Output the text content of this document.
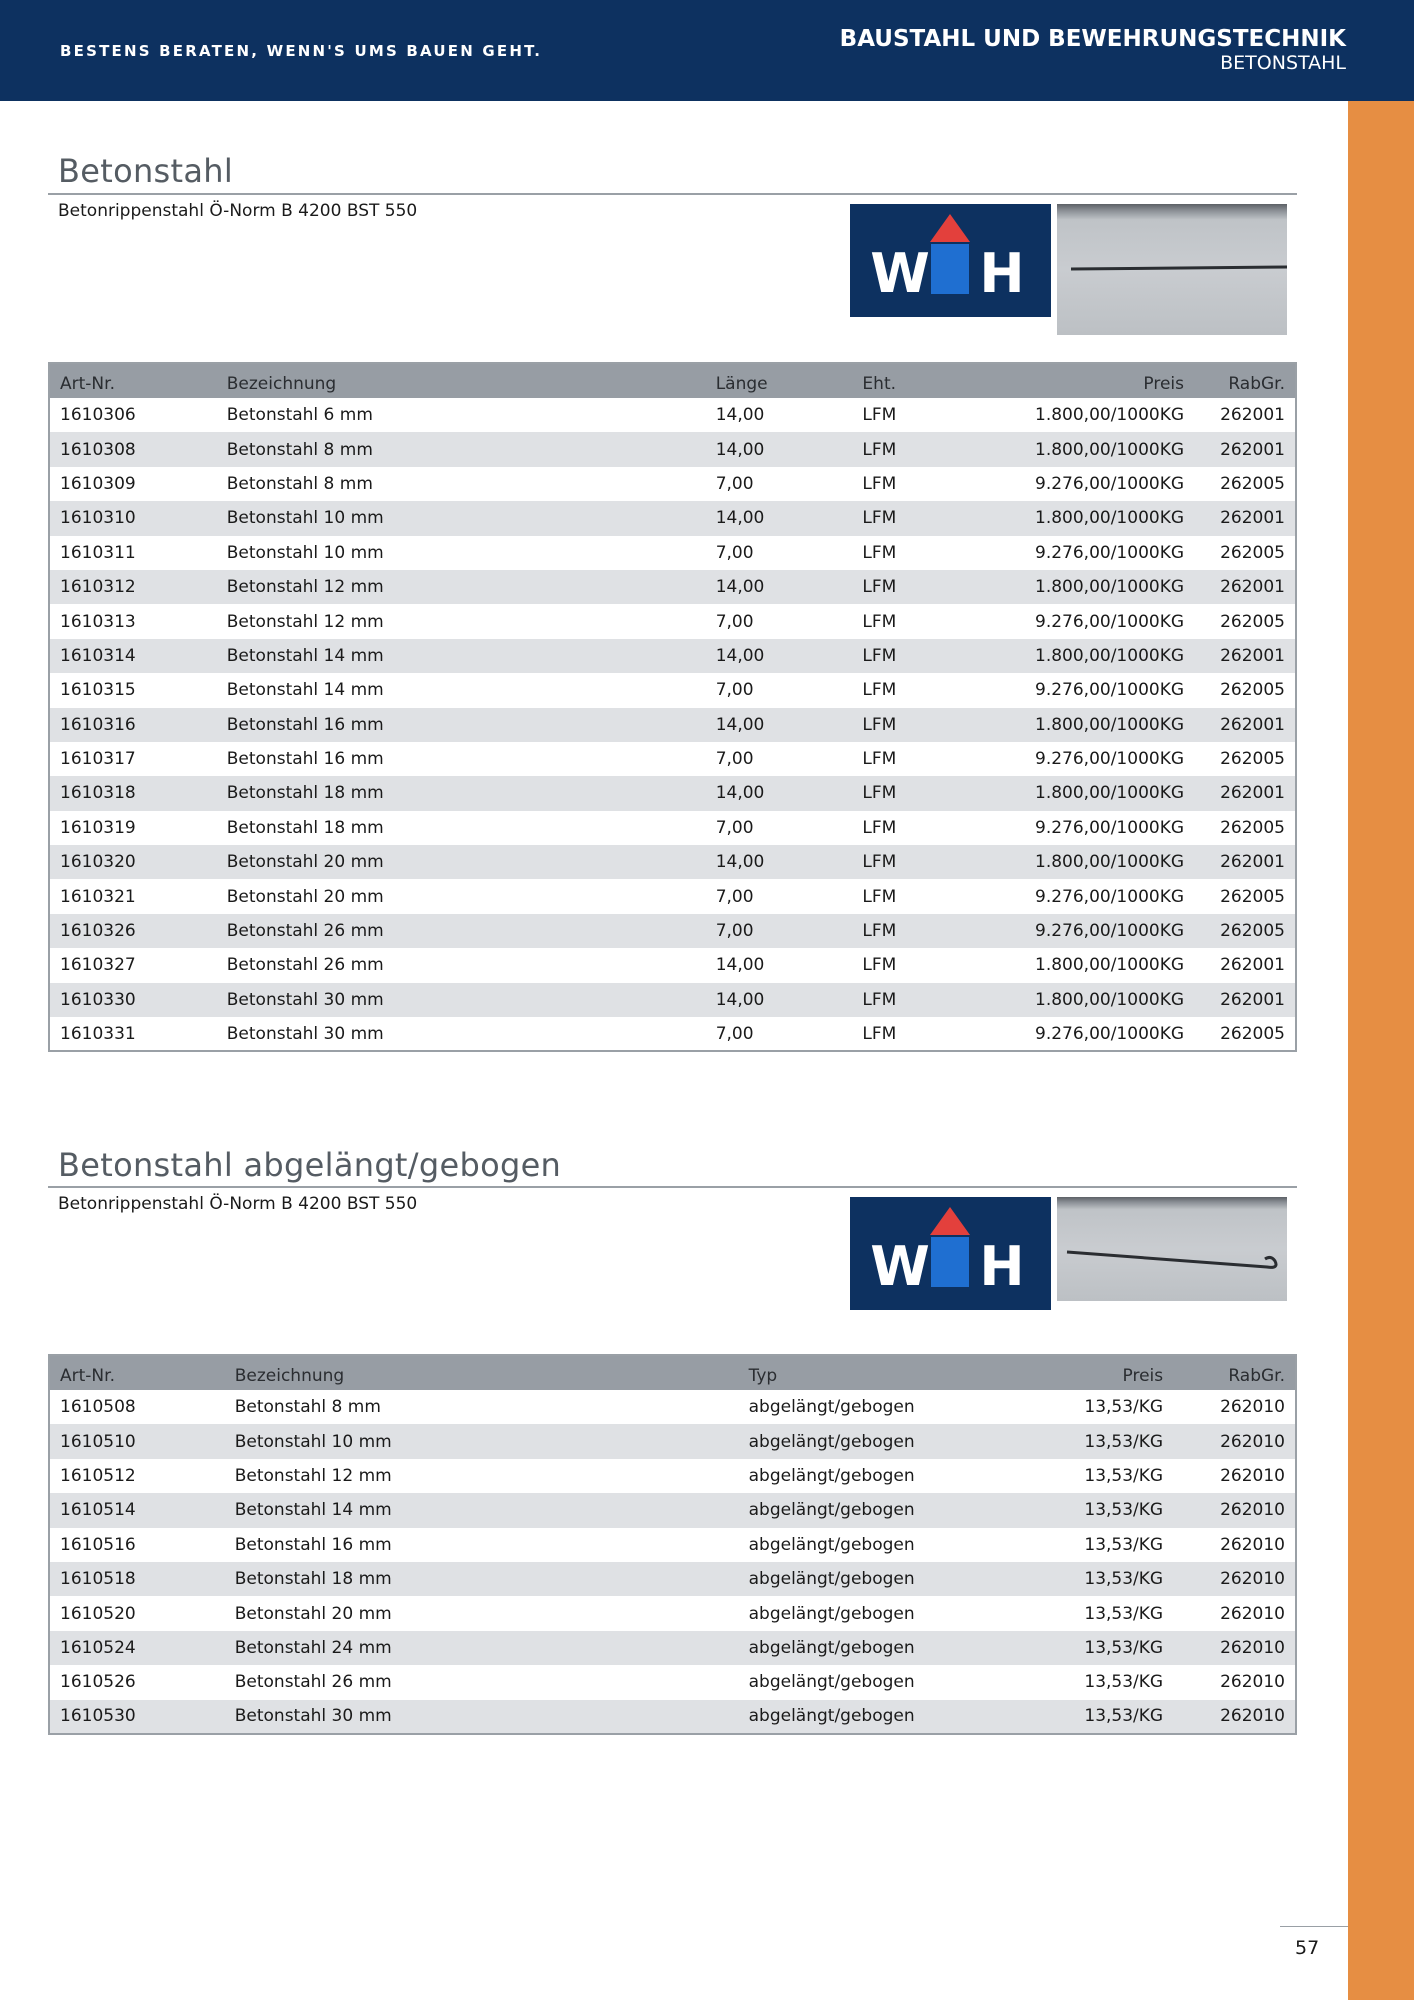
BESTENS BERATEN, WENN'S UMS BAUEN GEHT.	BAUSTAHL UND BEWEHRUNGSTECHNIK
BETONSTAHL
Betonstahl
Betonrippenstahl Ö-Norm B 4200 BST 550
W H
Art-Nr.	Bezeichnung	Länge	Eht.	Preis	RabGr.
1610306	Betonstahl 6 mm	14,00	LFM	1.800,00/1000KG	262001
1610308	Betonstahl 8 mm	14,00	LFM	1.800,00/1000KG	262001
1610309	Betonstahl 8 mm	7,00	LFM	9.276,00/1000KG	262005
1610310	Betonstahl 10 mm	14,00	LFM	1.800,00/1000KG	262001
1610311	Betonstahl 10 mm	7,00	LFM	9.276,00/1000KG	262005
1610312	Betonstahl 12 mm	14,00	LFM	1.800,00/1000KG	262001
1610313	Betonstahl 12 mm	7,00	LFM	9.276,00/1000KG	262005
1610314	Betonstahl 14 mm	14,00	LFM	1.800,00/1000KG	262001
1610315	Betonstahl 14 mm	7,00	LFM	9.276,00/1000KG	262005
1610316	Betonstahl 16 mm	14,00	LFM	1.800,00/1000KG	262001
1610317	Betonstahl 16 mm	7,00	LFM	9.276,00/1000KG	262005
1610318	Betonstahl 18 mm	14,00	LFM	1.800,00/1000KG	262001
1610319	Betonstahl 18 mm	7,00	LFM	9.276,00/1000KG	262005
1610320	Betonstahl 20 mm	14,00	LFM	1.800,00/1000KG	262001
1610321	Betonstahl 20 mm	7,00	LFM	9.276,00/1000KG	262005
1610326	Betonstahl 26 mm	7,00	LFM	9.276,00/1000KG	262005
1610327	Betonstahl 26 mm	14,00	LFM	1.800,00/1000KG	262001
1610330	Betonstahl 30 mm	14,00	LFM	1.800,00/1000KG	262001
1610331	Betonstahl 30 mm	7,00	LFM	9.276,00/1000KG	262005
Betonstahl abgelängt/gebogen
Betonrippenstahl Ö-Norm B 4200 BST 550
W H
Art-Nr.	Bezeichnung	Typ	Preis	RabGr.
1610508	Betonstahl 8 mm	abgelängt/gebogen	13,53/KG	262010
1610510	Betonstahl 10 mm	abgelängt/gebogen	13,53/KG	262010
1610512	Betonstahl 12 mm	abgelängt/gebogen	13,53/KG	262010
1610514	Betonstahl 14 mm	abgelängt/gebogen	13,53/KG	262010
1610516	Betonstahl 16 mm	abgelängt/gebogen	13,53/KG	262010
1610518	Betonstahl 18 mm	abgelängt/gebogen	13,53/KG	262010
1610520	Betonstahl 20 mm	abgelängt/gebogen	13,53/KG	262010
1610524	Betonstahl 24 mm	abgelängt/gebogen	13,53/KG	262010
1610526	Betonstahl 26 mm	abgelängt/gebogen	13,53/KG	262010
1610530	Betonstahl 30 mm	abgelängt/gebogen	13,53/KG	262010
57
